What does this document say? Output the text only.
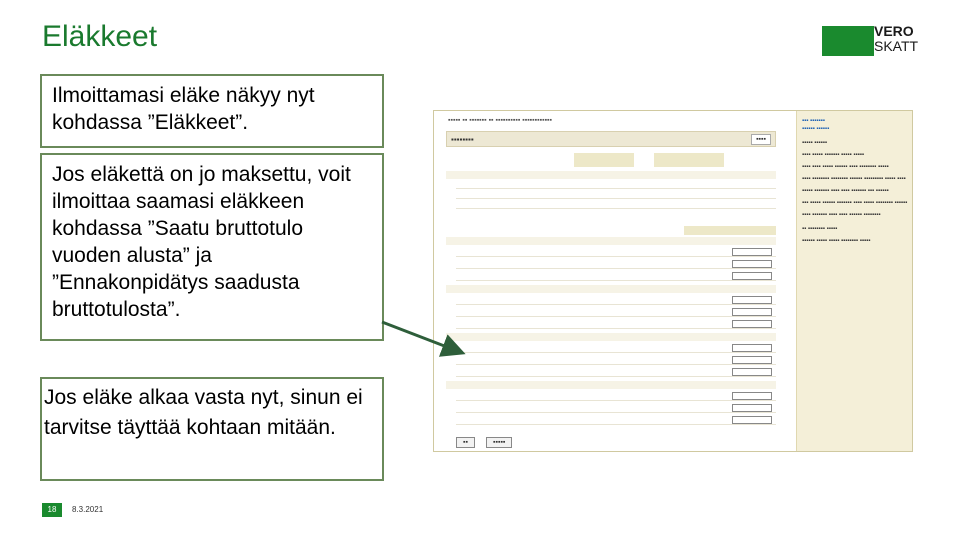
Eläkkeet	VERO
SKATT
Ilmoittamasi eläke näkyy nyt kohdassa ”Eläkkeet”.
Jos eläkettä on jo maksettu, voit ilmoittaa saamasi eläkkeen kohdassa ”Saatu bruttotulo vuoden alusta” ja ”Ennakonpidätys saadusta bruttotulosta”.
Jos eläke alkaa vasta nyt, sinun ei tarvitse täyttää kohtaan mitään.
▪▪▪▪▪ ▪▪ ▪▪▪▪▪▪▪ ▪▪ ▪▪▪▪▪▪▪▪▪▪ ▪▪▪▪▪▪▪▪▪▪▪▪
▪▪▪▪▪▪▪▪	▪▪▪▪
▪▪	▪▪▪▪▪
▪▪▪ ▪▪▪▪▪▪▪
▪▪▪▪▪▪ ▪▪▪▪▪▪
▪▪▪▪▪ ▪▪▪▪▪▪

▪▪▪▪ ▪▪▪▪▪ ▪▪▪▪▪▪▪ ▪▪▪▪▪ ▪▪▪▪▪

▪▪▪▪ ▪▪▪▪ ▪▪▪▪▪ ▪▪▪▪▪▪ ▪▪▪▪ ▪▪▪▪▪▪▪▪ ▪▪▪▪▪

▪▪▪▪ ▪▪▪▪▪▪▪▪ ▪▪▪▪▪▪▪▪ ▪▪▪▪▪▪ ▪▪▪▪▪▪▪▪▪ ▪▪▪▪▪ ▪▪▪▪

▪▪▪▪▪ ▪▪▪▪▪▪▪ ▪▪▪▪ ▪▪▪▪ ▪▪▪▪▪▪▪ ▪▪▪ ▪▪▪▪▪▪

▪▪▪ ▪▪▪▪▪ ▪▪▪▪▪▪ ▪▪▪▪▪▪▪ ▪▪▪▪ ▪▪▪▪▪ ▪▪▪▪▪▪▪▪ ▪▪▪▪▪▪

▪▪▪▪ ▪▪▪▪▪▪▪ ▪▪▪▪ ▪▪▪▪ ▪▪▪▪▪▪ ▪▪▪▪▪▪▪▪

▪▪ ▪▪▪▪▪▪▪▪ ▪▪▪▪▪

▪▪▪▪▪▪ ▪▪▪▪▪ ▪▪▪▪▪ ▪▪▪▪▪▪▪▪ ▪▪▪▪▪

18	8.3.2021
